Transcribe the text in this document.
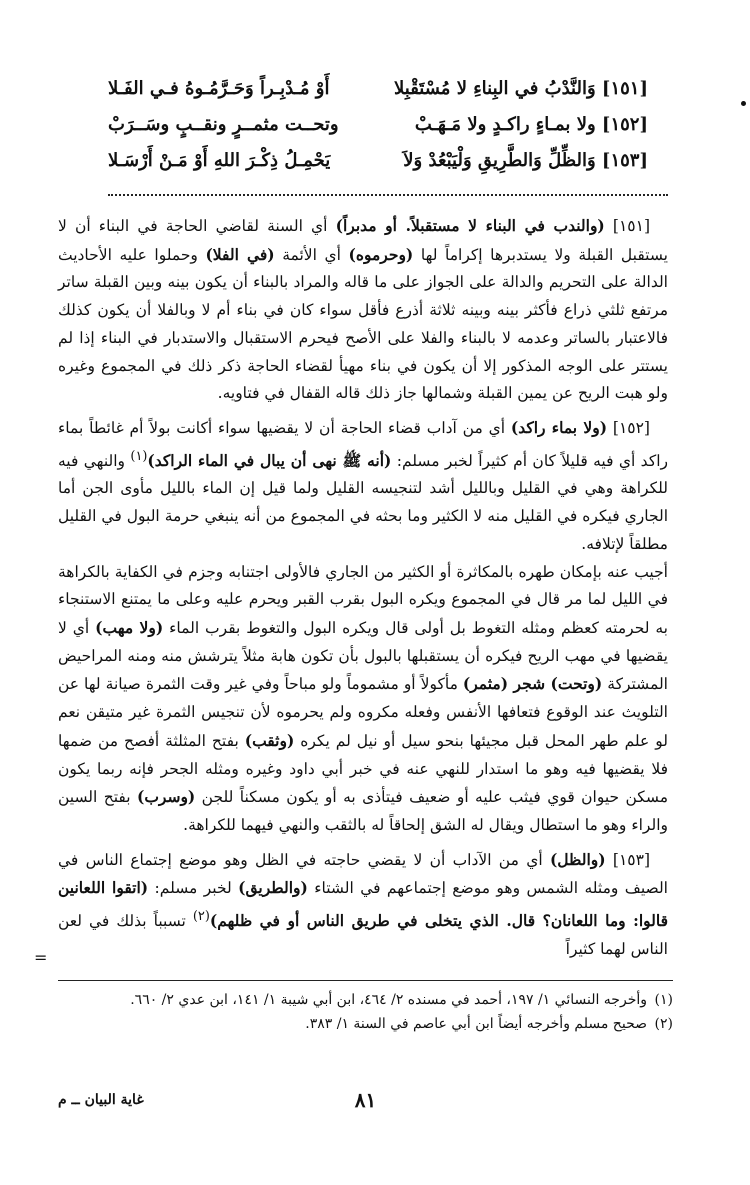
[١٥١] وَالنَّدْبُ في البِناءِ لا مُسْتَقْبِلا
أَوْ مُـدْبِـراً وَحَـرَّمُـوهُ فـي الفَـلا
[١٥٢] ولا بمـاءٍ راكـدٍ ولا مَـهَـبْ
وتحــت مثمــرٍ ونقــبٍ وسَــرَبْ
[١٥٣] وَالظِّلِّ وَالطَّرِيقِ وَلْيَبْعُدْ وَلاَ
يَحْمِـلُ ذِكْـرَ اللهِ أَوْ مَـنْ أَرْسَـلا

[١٥١] (والندب في البناء لا مستقبلاً. أو مدبراً) أي السنة لقاضي الحاجة في البناء أن لا يستقبل القبلة ولا يستدبرها إكراماً لها (وحرموه) أي الأئمة (في الفلا) وحملوا عليه الأحاديث الدالة على التحريم والدالة على الجواز على ما قاله والمراد بالبناء أن يكون بينه وبين القبلة ساتر مرتفع ثلثي ذراع فأكثر بينه وبينه ثلاثة أذرع فأقل سواء كان في بناء أم لا وبالفلا أن يكون كذلك فالاعتبار بالساتر وعدمه لا بالبناء والفلا على الأصح فيحرم الاستقبال والاستدبار في البناء إذا لم يستتر على الوجه المذكور إلا أن يكون في بناء مهيأ لقضاء الحاجة ذكر ذلك في المجموع وغيره ولو هبت الريح عن يمين القبلة وشمالها جاز ذلك قاله القفال في فتاويه.

[١٥٢] (ولا بماء راكد) أي من آداب قضاء الحاجة أن لا يقضيها سواء أكانت بولاً أم غائطاً بماء راكد أي فيه قليلاً كان أم كثيراً لخبر مسلم: (أنه ﷺ نهى أن يبال في الماء الراكد)$^{(١)}$ والنهي فيه للكراهة وهي في القليل وبالليل أشد لتنجيسه القليل ولما قيل إن الماء بالليل مأوى الجن أما الجاري فيكره في القليل منه لا الكثير وما بحثه في المجموع من أنه ينبغي حرمة البول في القليل مطلقاً لإتلافه.

أجيب عنه بإمكان طهره بالمكاثرة أو الكثير من الجاري فالأولى اجتنابه وجزم في الكفاية بالكراهة في الليل لما مر قال في المجموع ويكره البول بقرب القبر ويحرم عليه وعلى ما يمتنع الاستنجاء به لحرمته كعظم ومثله التغوط بل أولى قال ويكره البول والتغوط بقرب الماء (ولا مهب) أي لا يقضيها في مهب الريح فيكره أن يستقبلها بالبول بأن تكون هابة مثلاً يترشش منه ومنه المراحيض المشتركة (وتحت) شجر (مثمر) مأكولاً أو مشموماً ولو مباحاً وفي غير وقت الثمرة صيانة لها عن التلويث عند الوقوع فتعافها الأنفس وفعله مكروه ولم يحرموه لأن تنجيس الثمرة غير متيقن نعم لو علم طهر المحل قبل مجيئها بنحو سيل أو نيل لم يكره (وثقب) بفتح المثلثة أفصح من ضمها فلا يقضيها فيه وهو ما استدار للنهي عنه في خبر أبي داود وغيره ومثله الجحر فإنه ربما يكون مسكن حيوان قوي فيثب عليه أو ضعيف فيتأذى به أو يكون مسكناً للجن (وسرب) بفتح السين والراء وهو ما استطال ويقال له الشق إلحاقاً له بالثقب والنهي فيهما للكراهة.

[١٥٣] (والظل) أي من الآداب أن لا يقضي حاجته في الظل وهو موضع إجتماع الناس في الصيف ومثله الشمس وهو موضع إجتماعهم في الشتاء (والطريق) لخبر مسلم: (اتقوا اللعانين قالوا: وما اللعانان؟ قال. الذي يتخلى في طريق الناس أو في ظلهم)$^{(٢)}$ تسبباً بذلك في لعن الناس لهما كثيراً

=
(١)وأخرجه النسائي ١/ ١٩٧، أحمد في مسنده ٢/ ٤٦٤، ابن أبي شيبة ١/ ١٤١، ابن عدي ٢/ ٦٦٠.
(٢)صحيح مسلم وأخرجه أيضاً ابن أبي عاصم في السنة ١/ ٣٨٣.
٨١
غاية البيان ــ م
